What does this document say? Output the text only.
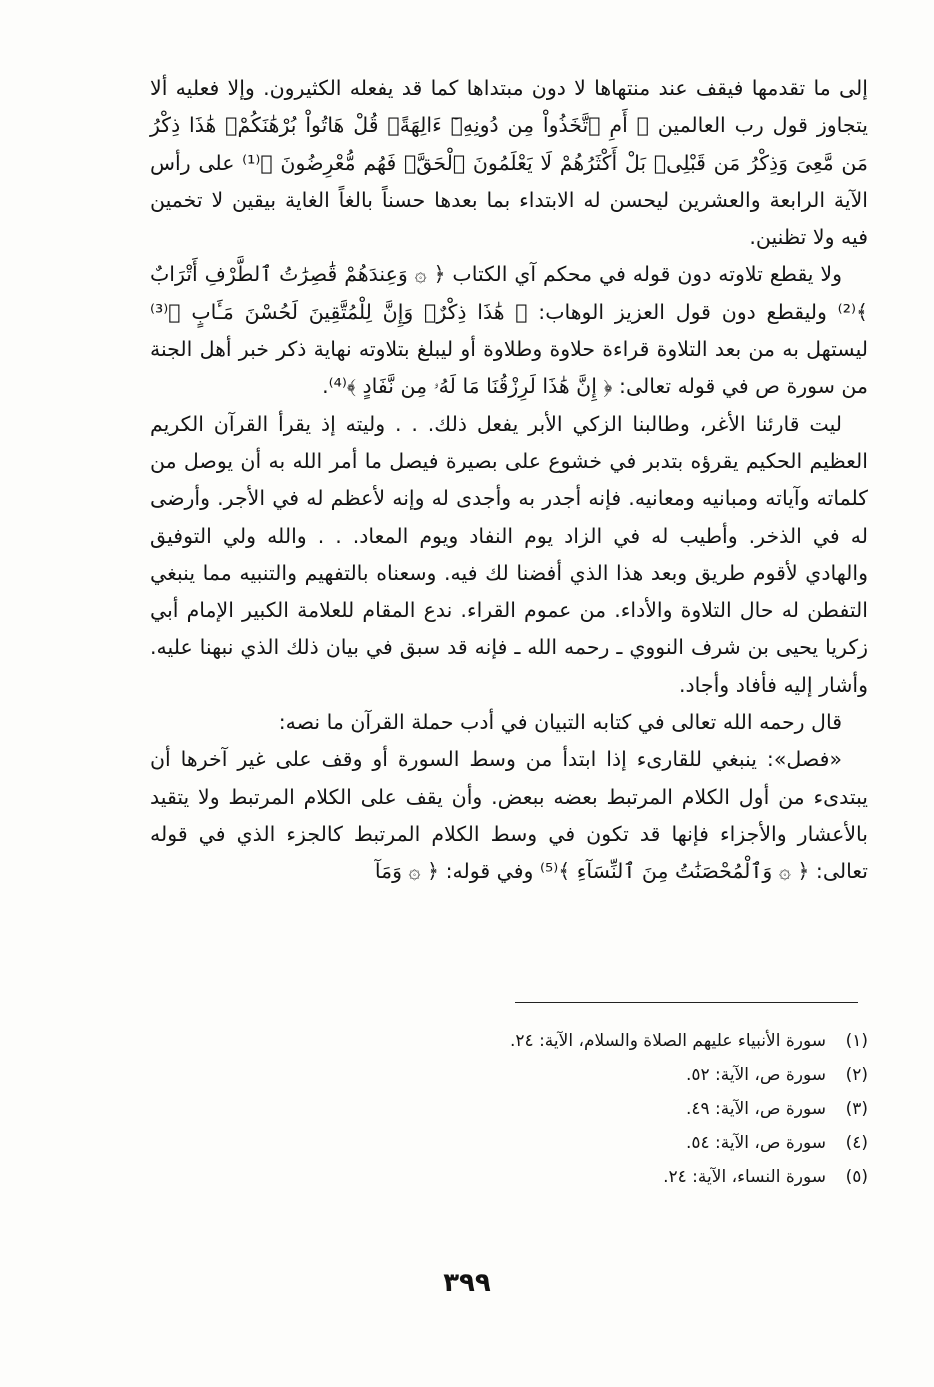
إلى ما تقدمها فيقف عند منتهاها لا دون مبتداها كما قد يفعله الكثيرون. وإلا فعليه ألا يتجاوز قول رب العالمين ﴿ أَمِ ٱتَّخَذُواْ مِن دُونِهِۦٓ ءَالِهَةًۖ قُلْ هَاتُواْ بُرْهَٰنَكُمْۖ هَٰذَا ذِكْرُ مَن مَّعِىَ وَذِكْرُ مَن قَبْلِىۗ بَلْ أَكْثَرُهُمْ لَا يَعْلَمُونَ ٱلْحَقَّۖ فَهُم مُّعْرِضُونَ ﴾⁽¹⁾ على رأس الآية الرابعة والعشرين ليحسن له الابتداء بما بعدها حسناً بالغاً الغاية بيقين لا تخمين فيه ولا تظنين.

ولا يقطع تلاوته دون قوله في محكم آي الكتاب ﴿ ۞ وَعِندَهُمْ قَٰصِرَٰتُ ٱلطَّرْفِ أَتْرَابٌ ﴾⁽²⁾ وليقطع دون قول العزيز الوهاب: ﴿ هَٰذَا ذِكْرٌۚ وَإِنَّ لِلْمُتَّقِينَ لَحُسْنَ مَـَٔابٍ ﴾⁽³⁾ ليستهل به من بعد التلاوة قراءة حلاوة وطلاوة أو ليبلغ بتلاوته نهاية ذكر خبر أهل الجنة من سورة ص في قوله تعالى: ﴿ إِنَّ هَٰذَا لَرِزْقُنَا مَا لَهُۥ مِن نَّفَادٍ ﴾⁽⁴⁾.

ليت قارئنا الأغر، وطالبنا الزكي الأبر يفعل ذلك. . . وليته إذ يقرأ القرآن الكريم العظيم الحكيم يقرؤه بتدبر في خشوع على بصيرة فيصل ما أمر الله به أن يوصل من كلماته وآياته ومبانيه ومعانيه. فإنه أجدر به وأجدى له وإنه لأعظم له في الأجر. وأرضى له في الذخر. وأطيب له في الزاد يوم النفاد ويوم المعاد. . . والله ولي التوفيق والهادي لأقوم طريق وبعد هذا الذي أفضنا لك فيه. وسعناه بالتفهيم والتنبيه مما ينبغي التفطن له حال التلاوة والأداء. من عموم القراء. ندع المقام للعلامة الكبير الإمام أبي زكريا يحيى بن شرف النووي ـ رحمه الله ـ فإنه قد سبق في بيان ذلك الذي نبهنا عليه. وأشار إليه فأفاد وأجاد.

قال رحمه الله تعالى في كتابه التبيان في أدب حملة القرآن ما نصه:

«فصل»: ينبغي للقارىء إذا ابتدأ من وسط السورة أو وقف على غير آخرها أن يبتدىء من أول الكلام المرتبط بعضه ببعض. وأن يقف على الكلام المرتبط ولا يتقيد بالأعشار والأجزاء فإنها قد تكون في وسط الكلام المرتبط كالجزء الذي في قوله تعالى: ﴿ ۞ وَٱلْمُحْصَنَٰتُ مِنَ ٱلنِّسَآءِ ﴾⁽⁵⁾ وفي قوله: ﴿ ۞ وَمَآ

(١)سورة الأنبياء عليهم الصلاة والسلام، الآية: ٢٤.
(٢)سورة ص، الآية: ٥٢.
(٣)سورة ص، الآية: ٤٩.
(٤)سورة ص، الآية: ٥٤.
(٥)سورة النساء، الآية: ٢٤.
٣٩٩
